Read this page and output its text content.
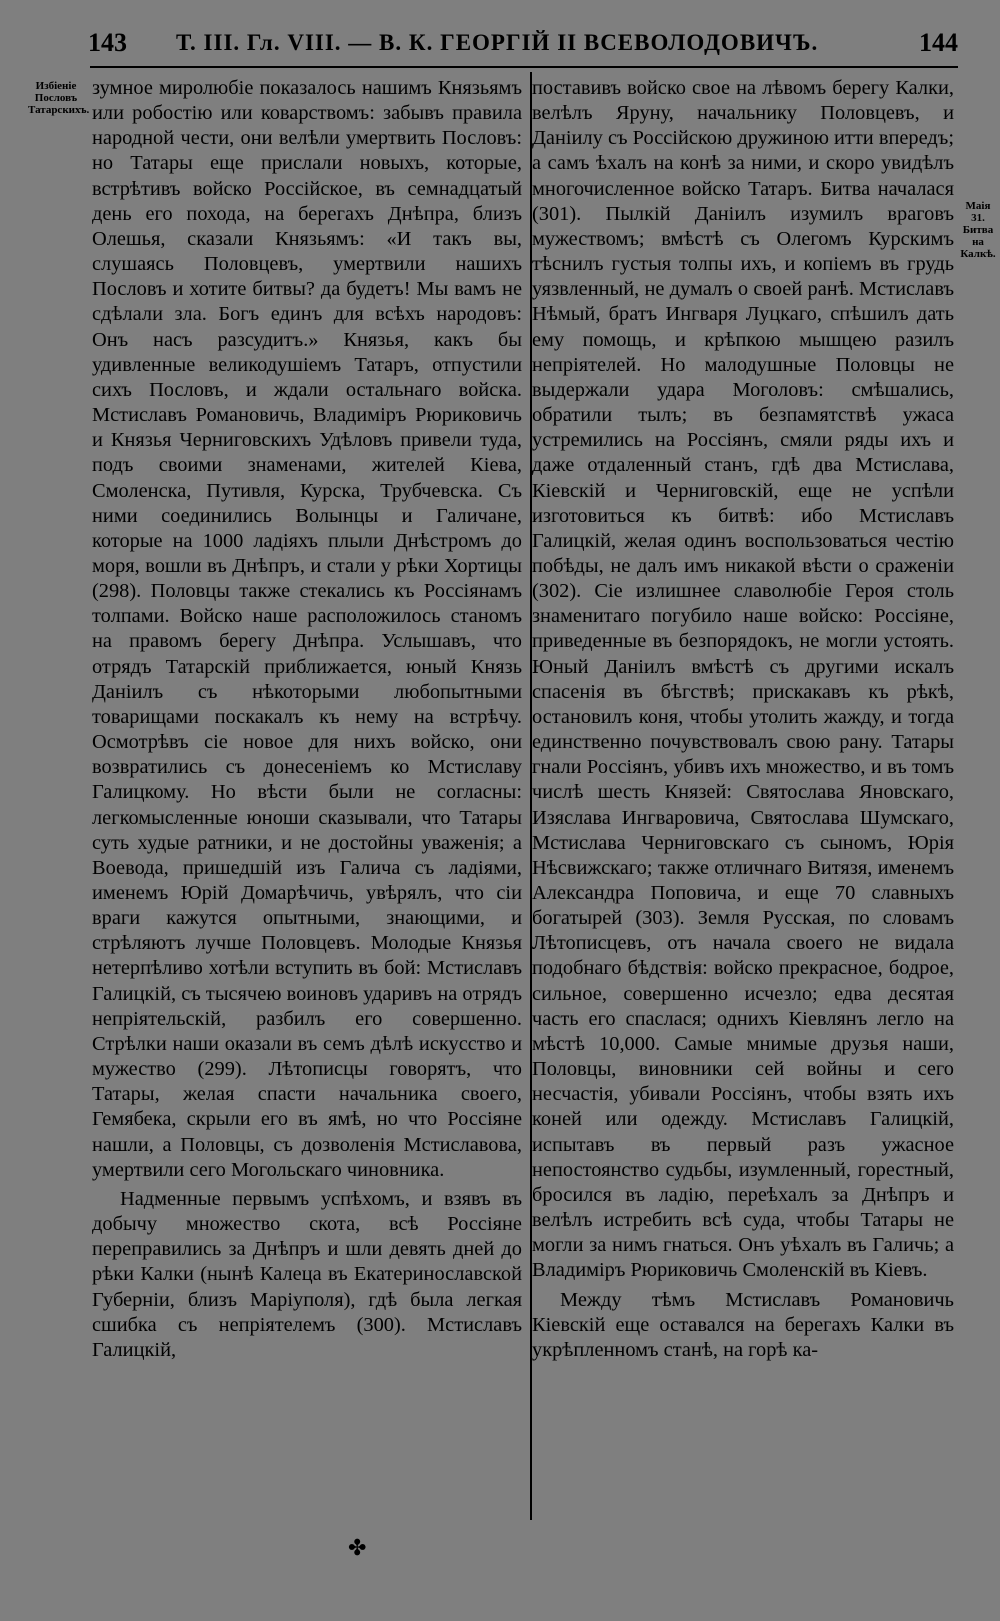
143 Т. III. Гл. VIII. — В. К. ГЕОРГІЙ II ВСЕВОЛОДОВИЧЪ.	144
Избіеніе Пословъ Татарскихъ.
Маія 31. Битва на Калкѣ.

зумное миролюбіе показалось нашимъ Князьямъ или робостію или коварствомъ: забывъ правила народной чести, они велѣли умертвить Пословъ: но Татары еще прислали новыхъ, которые, встрѣтивъ войско Россійское, въ семнадцатый день его похода, на берегахъ Днѣпра, близъ Олешья, сказали Князьямъ: «И такъ вы, слушаясь Половцевъ, умертвили нашихъ Пословъ и хотите битвы? да будетъ! Мы вамъ не сдѣлали зла. Богъ единъ для всѣхъ народовъ: Онъ насъ разсудитъ.» Князья, какъ бы удивленные великодушіемъ Татаръ, отпустили сихъ Пословъ, и ждали остальнаго войска. Мстиславъ Романовичь, Владиміръ Рюриковичь и Князья Черниговскихъ Удѣловъ привели туда, подъ своими знаменами, жителей Кіева, Смоленска, Путивля, Курска, Трубчевска. Съ ними соединились Волынцы и Галичане, которые на 1000 ладіяхъ плыли Днѣстромъ до моря, вошли въ Днѣпръ, и стали у рѣки Хортицы (298). Половцы также стекались къ Россіянамъ толпами. Войско наше расположилось станомъ на правомъ берегу Днѣпра. Услышавъ, что отрядъ Татарскій приближается, юный Князь Даніилъ съ нѣкоторыми любопытными товарищами поскакалъ къ нему на встрѣчу. Осмотрѣвъ сіе новое для нихъ войско, они возвратились съ донесеніемъ ко Мстиславу Галицкому. Но вѣсти были не согласны: легкомысленные юноши сказывали, что Татары суть худые ратники, и не достойны уваженія; а Воевода, пришедшій изъ Галича съ ладіями, именемъ Юрій Домарѣчичь, увѣрялъ, что сіи враги кажутся опытными, знающими, и стрѣляютъ лучше Половцевъ. Молодые Князья нетерпѣливо хотѣли вступить въ бой: Мстиславъ Галицкій, съ тысячею воиновъ ударивъ на отрядъ непріятельскій, разбилъ его совершенно. Стрѣлки наши оказали въ семъ дѣлѣ искусство и мужество (299). Лѣтописцы говорятъ, что Татары, желая спасти начальника своего, Гемябека, скрыли его въ ямѣ, но что Россіяне нашли, а Половцы, съ дозволенія Мстиславова, умертвили сего Могольскаго чиновника.

Надменные первымъ успѣхомъ, и взявъ въ добычу множество скота, всѣ Россіяне переправились за Днѣпръ и шли девять дней до рѣки Калки (нынѣ Калеца въ Екатеринославской Губерніи, близъ Маріуполя), гдѣ была легкая сшибка съ непріятелемъ (300). Мстиславъ Галицкій,

поставивъ войско свое на лѣвомъ берегу Калки, велѣлъ Яруну, начальнику Половцевъ, и Даніилу съ Россійскою дружиною итти впередъ; а самъ ѣхалъ на конѣ за ними, и скоро увидѣлъ многочисленное войско Татаръ. Битва началася (301). Пылкій Даніилъ изумилъ враговъ мужествомъ; вмѣстѣ съ Олегомъ Курскимъ тѣснилъ густыя толпы ихъ, и копіемъ въ грудь уязвленный, не думалъ о своей ранѣ. Мстиславъ Нѣмый, братъ Ингваря Луцкаго, спѣшилъ дать ему помощь, и крѣпкою мышцею разилъ непріятелей. Но малодушные Половцы не выдержали удара Моголовъ: смѣшались, обратили тылъ; въ безпамятствѣ ужаса устремились на Россіянъ, смяли ряды ихъ и даже отдаленный станъ, гдѣ два Мстислава, Кіевскій и Черниговскій, еще не успѣли изготовиться къ битвѣ: ибо Мстиславъ Галицкій, желая одинъ воспользоваться честію побѣды, не далъ имъ никакой вѣсти о сраженіи (302). Сіе излишнее славолюбіе Героя столь знаменитаго погубило наше войско: Россіяне, приведенные въ безпорядокъ, не могли устоять. Юный Даніилъ вмѣстѣ съ другими искалъ спасенія въ бѣгствѣ; прискакавъ къ рѣкѣ, остановилъ коня, чтобы утолить жажду, и тогда единственно почувствовалъ свою рану. Татары гнали Россіянъ, убивъ ихъ множество, и въ томъ числѣ шесть Князей: Святослава Яновскаго, Изяслава Ингваровича, Святослава Шумскаго, Мстислава Черниговскаго съ сыномъ, Юрія Нѣсвижскаго; также отличнаго Витязя, именемъ Александра Поповича, и еще 70 славныхъ богатырей (303). Земля Русская, по словамъ Лѣтописцевъ, отъ начала своего не видала подобнаго бѣдствія: войско прекрасное, бодрое, сильное, совершенно исчезло; едва десятая часть его спаслася; однихъ Кіевлянъ легло на мѣстѣ 10,000. Самые мнимые друзья наши, Половцы, виновники сей войны и сего несчастія, убивали Россіянъ, чтобы взять ихъ коней или одежду. Мстиславъ Галицкій, испытавъ въ первый разъ ужасное непостоянство судьбы, изумленный, горестный, бросился въ ладію, переѣхалъ за Днѣпръ и велѣлъ истребить всѣ суда, чтобы Татары не могли за нимъ гнаться. Онъ уѣхалъ въ Галичь; а Владиміръ Рюриковичь Смоленскій въ Кіевъ.

Между тѣмъ Мстиславъ Романовичь Кіевскій еще оставался на берегахъ Калки въ укрѣпленномъ станѣ, на горѣ ка-

✤
